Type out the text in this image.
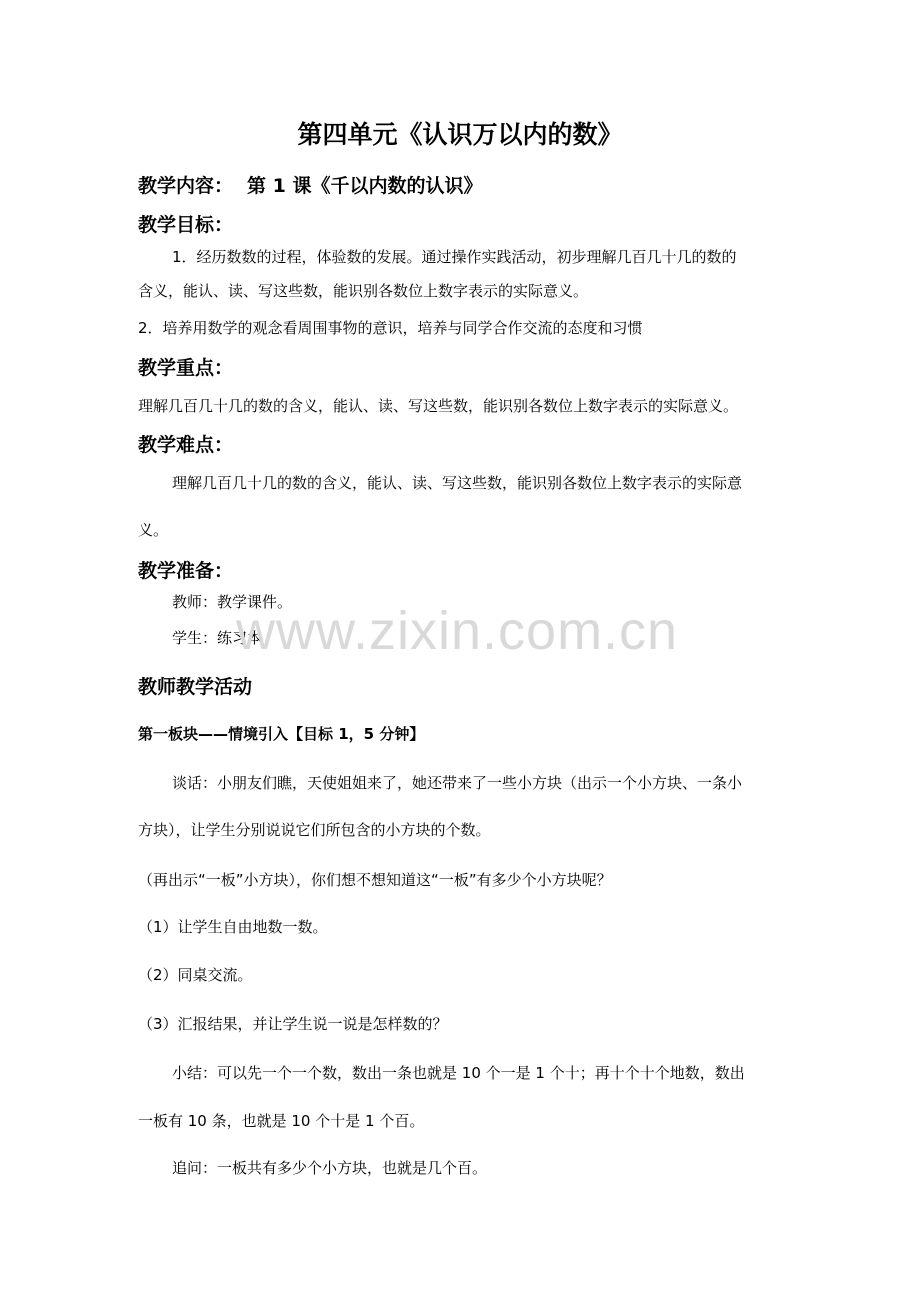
第四单元《认识万以内的数》
教学内容： 第 1 课《千以内数的认识》
教学目标：
1．经历数数的过程，体验数的发展。通过操作实践活动，初步理解几百几十几的数的
含义，能认、读、写这些数，能识别各数位上数字表示的实际意义。
2．培养用数学的观念看周围事物的意识，培养与同学合作交流的态度和习惯
教学重点：
理解几百几十几的数的含义，能认、读、写这些数，能识别各数位上数字表示的实际意义。
教学难点：
理解几百几十几的数的含义，能认、读、写这些数，能识别各数位上数字表示的实际意
义。
教学准备：
教师：教学课件。
学生：练习本
教师教学活动
第一板块——情境引入【目标 1，5 分钟】
谈话：小朋友们瞧，天使姐姐来了，她还带来了一些小方块（出示一个小方块、一条小
方块），让学生分别说说它们所包含的小方块的个数。
（再出示“一板”小方块），你们想不想知道这“一板”有多少个小方块呢？
（1）让学生自由地数一数。
（2）同桌交流。
（3）汇报结果，并让学生说一说是怎样数的？
小结：可以先一个一个数，数出一条也就是 10 个一是 1 个十；再十个十个地数，数出
一板有 10 条，也就是 10 个十是 1 个百。
追问：一板共有多少个小方块，也就是几个百。
www.zixin.com.cn
